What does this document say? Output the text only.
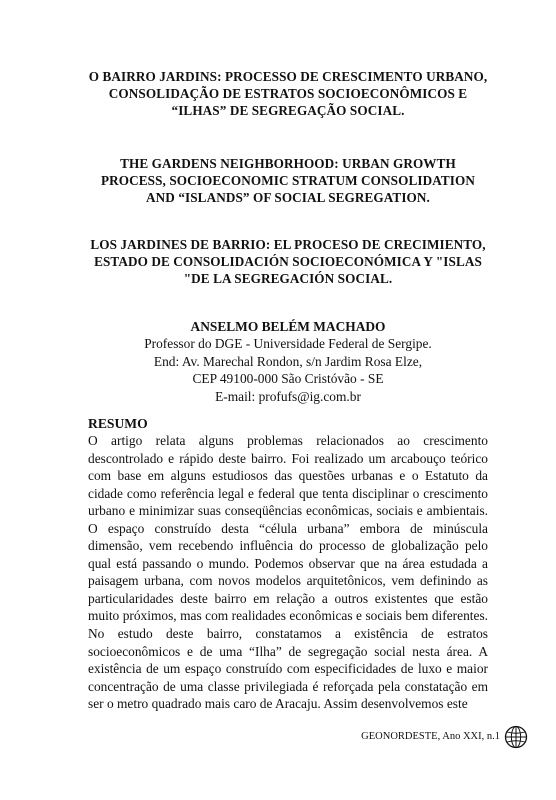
O BAIRRO JARDINS: PROCESSO DE CRESCIMENTO URBANO, CONSOLIDAÇÃO DE ESTRATOS SOCIOECONÔMICOS E “ILHAS” DE SEGREGAÇÃO SOCIAL.
THE GARDENS NEIGHBORHOOD: URBAN GROWTH PROCESS, SOCIOECONOMIC STRATUM CONSOLIDATION AND “ISLANDS” OF SOCIAL SEGREGATION.
LOS JARDINES DE BARRIO: EL PROCESO DE CRECIMIENTO, ESTADO DE CONSOLIDACIÓN SOCIOECONÓMICA Y "ISLAS "DE LA SEGREGACIÓN SOCIAL.
ANSELMO BELÉM MACHADO
Professor do DGE - Universidade Federal de Sergipe.
End: Av. Marechal Rondon, s/n Jardim Rosa Elze,
CEP 49100-000 São Cristóvão - SE
E-mail: profufs@ig.com.br
RESUMO

O artigo relata alguns problemas relacionados ao crescimento descontrolado e rápido deste bairro. Foi realizado um arcabouço teórico com base em alguns estudiosos das questões urbanas e o Estatuto da cidade como referência legal e federal que tenta disciplinar o crescimento urbano e minimizar suas conseqüências econômicas, sociais e ambientais. O espaço construído desta “célula urbana” embora de minúscula dimensão, vem recebendo influência do processo de globalização pelo qual está passando o mundo. Podemos observar que na área estudada a paisagem urbana, com novos modelos arquitetônicos, vem definindo as particularidades deste bairro em relação a outros existentes que estão muito próximos, mas com realidades econômicas e sociais bem diferentes. No estudo deste bairro, constatamos a existência de estratos socioeconômicos e de uma “Ilha” de segregação social nesta área. A existência de um espaço construído com especificidades de luxo e maior concentração de uma classe privilegiada é reforçada pela constatação em ser o metro quadrado mais caro de Aracaju. Assim desenvolvemos este

GEONORDESTE, Ano XXI, n.1
